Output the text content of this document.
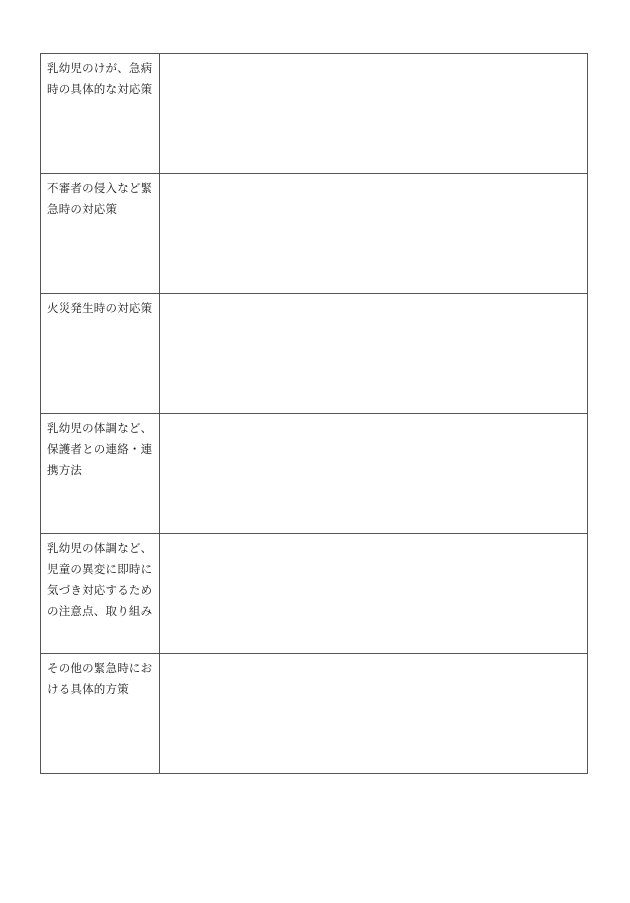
乳幼児のけが、急病
時の具体的な対応策	

不審者の侵入など緊
急時の対応策	

火災発生時の対応策	

乳幼児の体調など、
保護者との連絡・連
携方法	

乳幼児の体調など、
児童の異変に即時に
気づき対応するため
の注意点、取り組み	

その他の緊急時にお
ける具体的方策	
